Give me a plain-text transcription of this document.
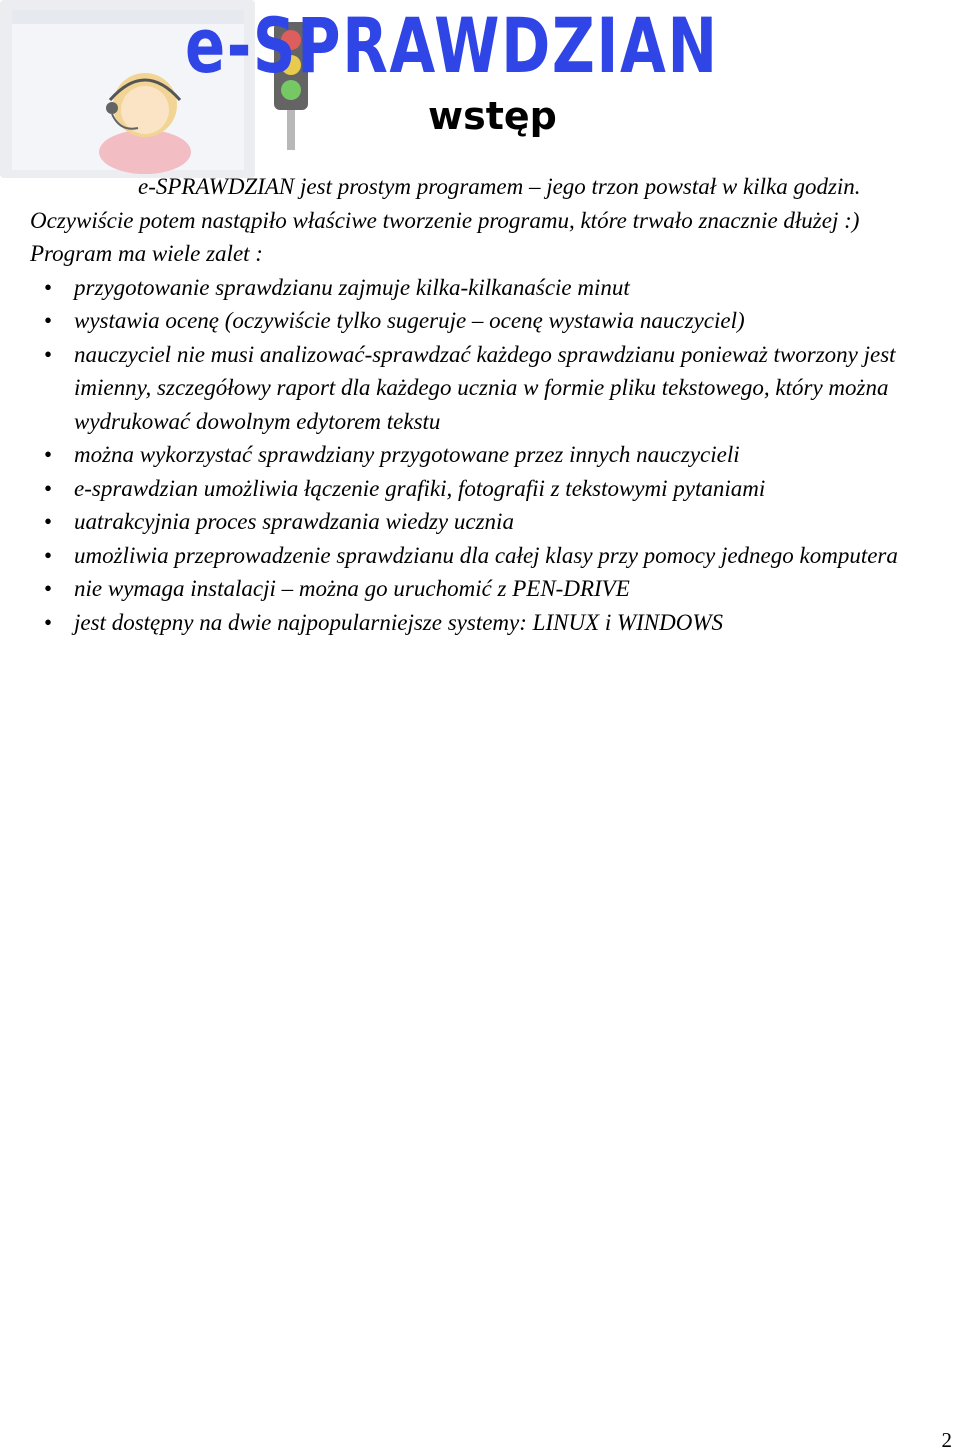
e-SPRAWDZIAN
wstęp

e-SPRAWDZIAN jest prostym programem – jego trzon powstał w kilka godzin. Oczywiście potem nastąpiło właściwe tworzenie programu, które trwało znacznie dłużej :)

Program ma wiele zalet :

• przygotowanie sprawdzianu zajmuje kilka-kilkanaście minut
• wystawia ocenę (oczywiście tylko sugeruje – ocenę wystawia nauczyciel)
• nauczyciel nie musi analizować-sprawdzać każdego sprawdzianu ponieważ tworzony jest imienny, szczegółowy raport dla każdego ucznia w formie pliku tekstowego, który można wydrukować dowolnym edytorem tekstu
• można wykorzystać sprawdziany przygotowane przez innych nauczycieli
• e-sprawdzian umożliwia łączenie grafiki, fotografii z tekstowymi pytaniami
• uatrakcyjnia proces sprawdzania wiedzy ucznia
• umożliwia przeprowadzenie sprawdzianu dla całej klasy przy pomocy jednego komputera
• nie wymaga instalacji – można go uruchomić z PEN-DRIVE
• jest dostępny na dwie najpopularniejsze systemy: LINUX i WINDOWS
2
